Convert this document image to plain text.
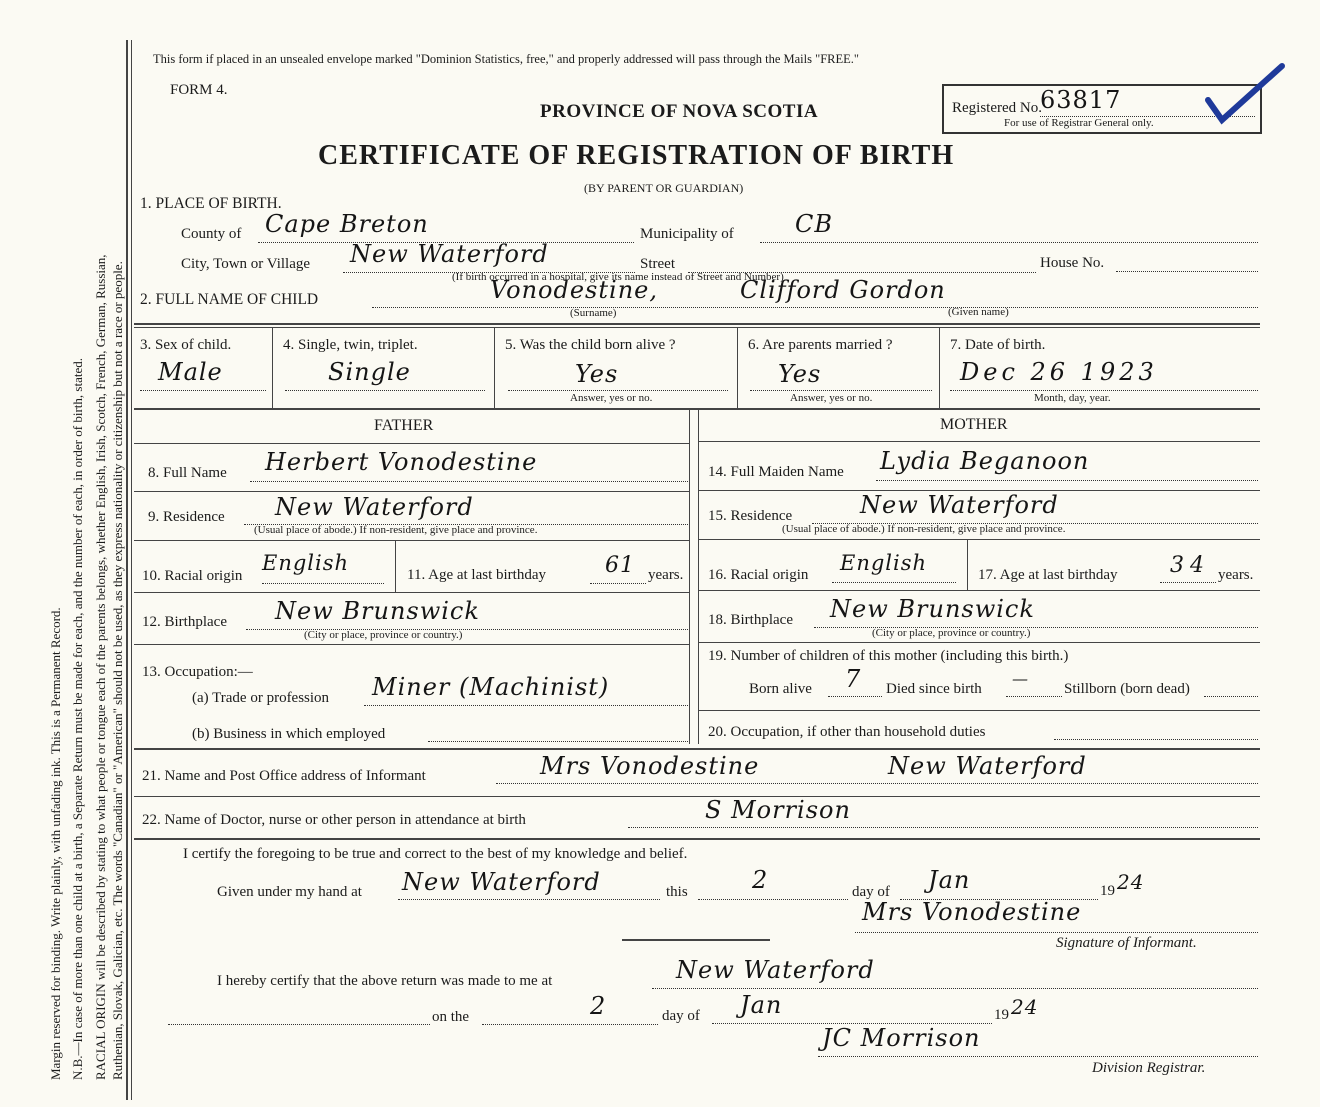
Margin reserved for binding. Write plainly, with unfading ink. This is a Permanent Record. N.B.—In case of more than one child at a birth, a Separate Return must be made for each, and the number of each, in order of birth, stated. RACIAL ORIGIN will be described by stating to what people or tongue each of the parents belongs, whether English, Irish, Scotch, French, German, Russian, Ruthenian, Slovak, Galician, etc. The words "Canadian" or "American" should not be used, as they express nationality or citizenship but not a race or people.
This form if placed in an unsealed envelope marked "Dominion Statistics, free," and properly addressed will pass through the Mails "FREE."
FORM 4.
PROVINCE OF NOVA SCOTIA
CERTIFICATE OF REGISTRATION OF BIRTH
(BY PARENT OR GUARDIAN)
Registered No.
63817
For use of Registrar General only.
1. PLACE OF BIRTH.
County of Cape Breton	Municipality of	CB
City, Town or Village New Waterford	Street	House No.
(If birth occurred in a hospital, give its name instead of Street and Number)
2. FULL NAME OF CHILD	Vonodestine,	Clifford Gordon
(Surname)	(Given name)
3. Sex of child.
Male
4. Single, twin, triplet.
Single
5. Was the child born alive ?
Yes
Answer, yes or no.
6. Are parents married ?
Yes
Answer, yes or no.
7. Date of birth.
Dec 26 1923
Month, day, year.
FATHER	MOTHER
8. Full Name Herbert Vonodestine
9. Residence New Waterford
(Usual place of abode.) If non-resident, give place and province.
10. Racial origin
English	11. Age at last birthday	61 years.
12. Birthplace New Brunswick
(City or place, province or country.)
13. Occupation:—
(a) Trade or profession Miner (Machinist)
(b) Business in which employed
14. Full Maiden Name Lydia Beganoon
15. Residence	New Waterford
(Usual place of abode.) If non-resident, give place and province.
16. Racial origin English	17. Age at last birthday 34 years.
18. Birthplace New Brunswick
(City or place, province or country.)
19. Number of children of this mother (including this birth.)
Born alive 7 Died since birth
—
Stillborn (born dead)
20. Occupation, if other than household duties
21. Name and Post Office address of Informant	Mrs Vonodestine	New Waterford
22. Name of Doctor, nurse or other person in attendance at birth	S Morrison
I certify the foregoing to be true and correct to the best of my knowledge and belief.
Given under my hand at New Waterford	this	2	day of Jan	19 24
Mrs Vonodestine
Signature of Informant.
I hereby certify that the above return was made to me at	New Waterford
on the	2	day of Jan	19 24
JC Morrison
Division Registrar.
